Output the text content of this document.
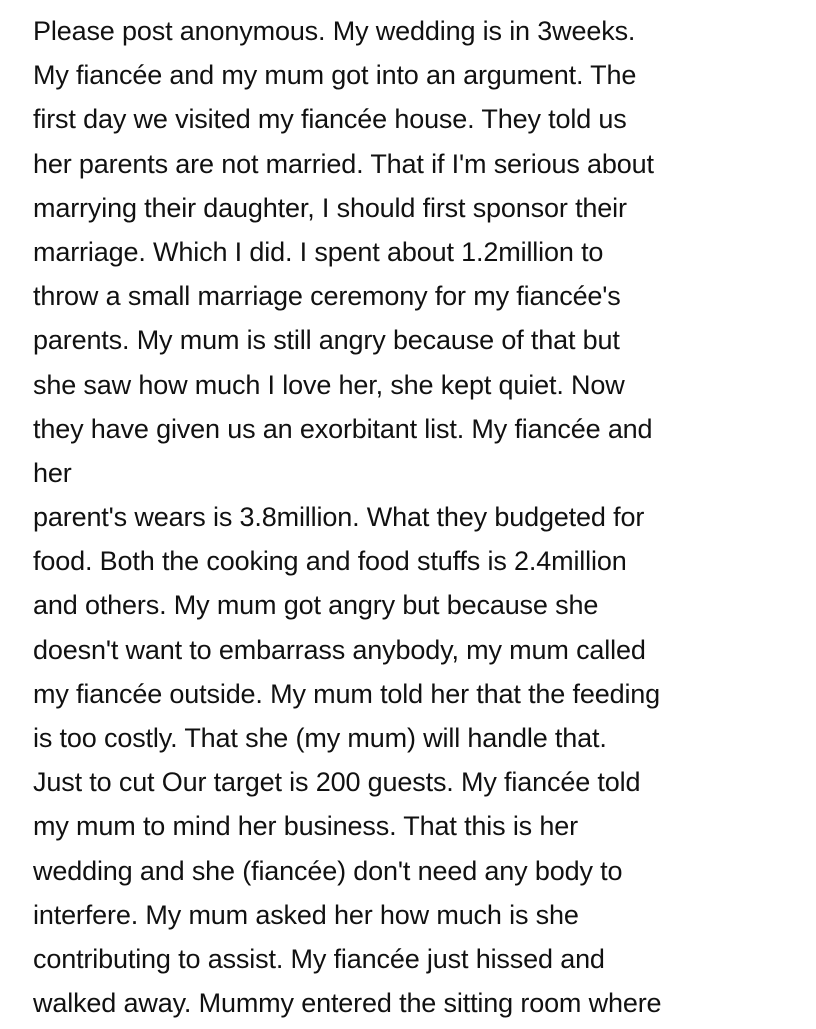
Please post anonymous. My wedding is in 3weeks.
My fiancée and my mum got into an argument. The
first day we visited my fiancée house. They told us
her parents are not married. That if I'm serious about
marrying their daughter, I should first sponsor their
marriage. Which I did. I spent about 1.2million to
throw a small marriage ceremony for my fiancée's
parents. My mum is still angry because of that but
she saw how much I love her, she kept quiet. Now
they have given us an exorbitant list. My fiancée and
her
parent's wears is 3.8million. What they budgeted for
food. Both the cooking and food stuffs is 2.4million
and others. My mum got angry but because she
doesn't want to embarrass anybody, my mum called
my fiancée outside. My mum told her that the feeding
is too costly. That she (my mum) will handle that.
Just to cut Our target is 200 guests. My fiancée told
my mum to mind her business. That this is her
wedding and she (fiancée) don't need any body to
interfere. My mum asked her how much is she
contributing to assist. My fiancée just hissed and
walked away. Mummy entered the sitting room where
